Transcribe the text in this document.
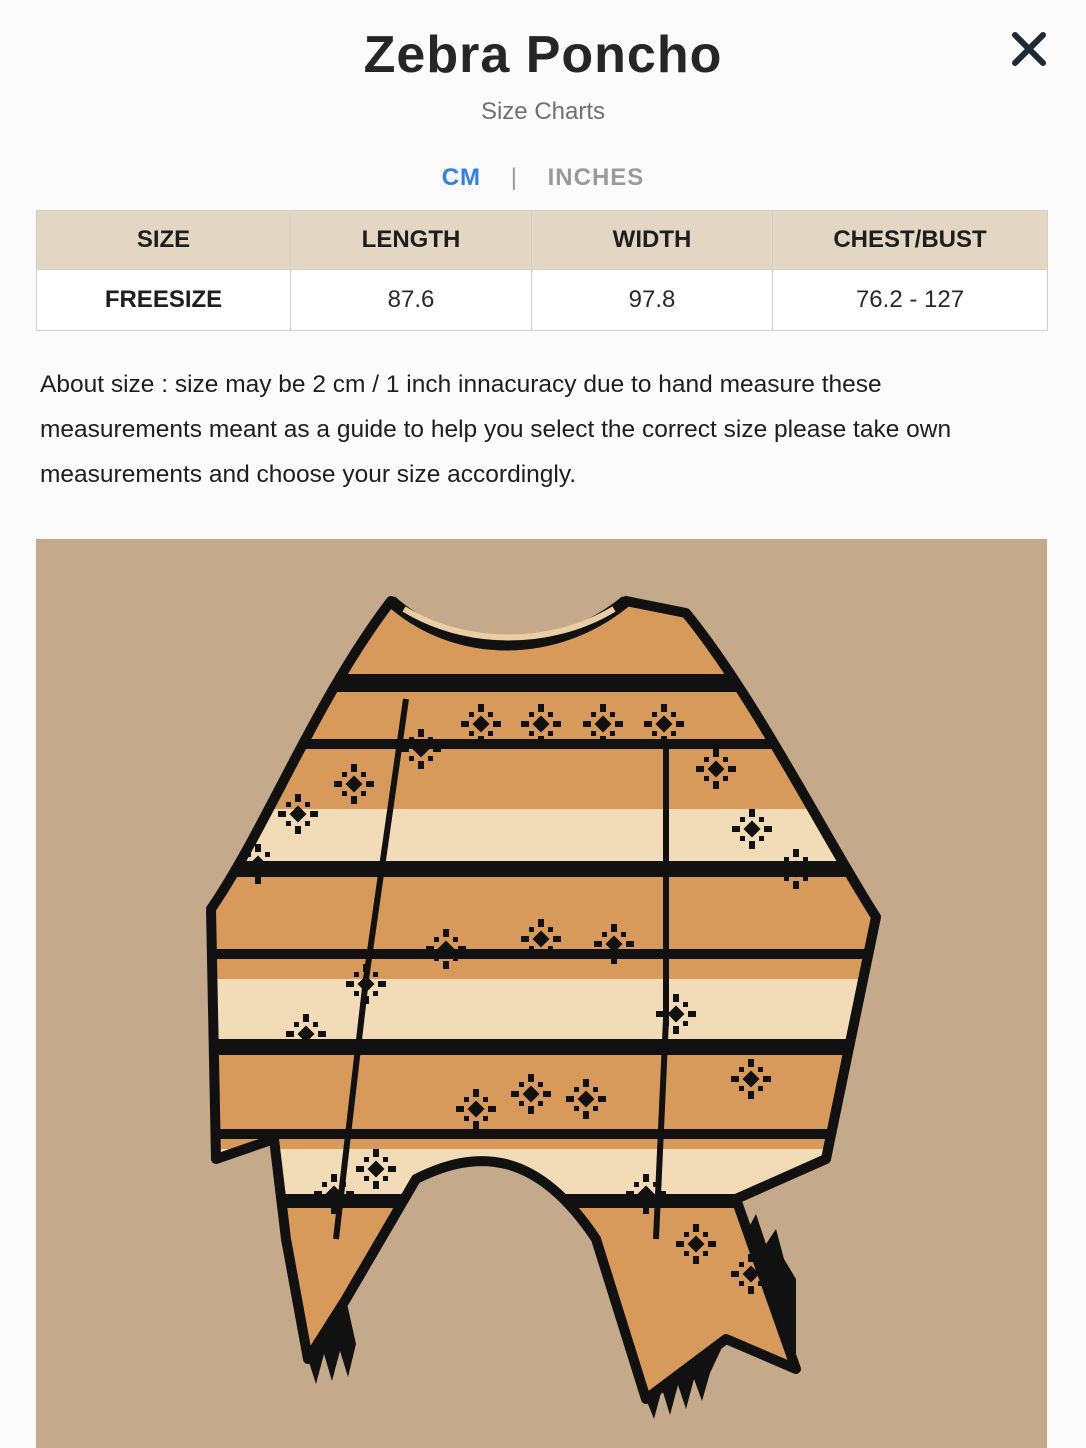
Zebra Poncho
Size Charts
CM | INCHES
SIZE	LENGTH	WIDTH	CHEST/BUST
FREESIZE	87.6	97.8	76.2 - 127
About size : size may be 2 cm / 1 inch innacuracy due to hand measure these measurements meant as a guide to help you select the correct size please take own measurements and choose your size accordingly.
